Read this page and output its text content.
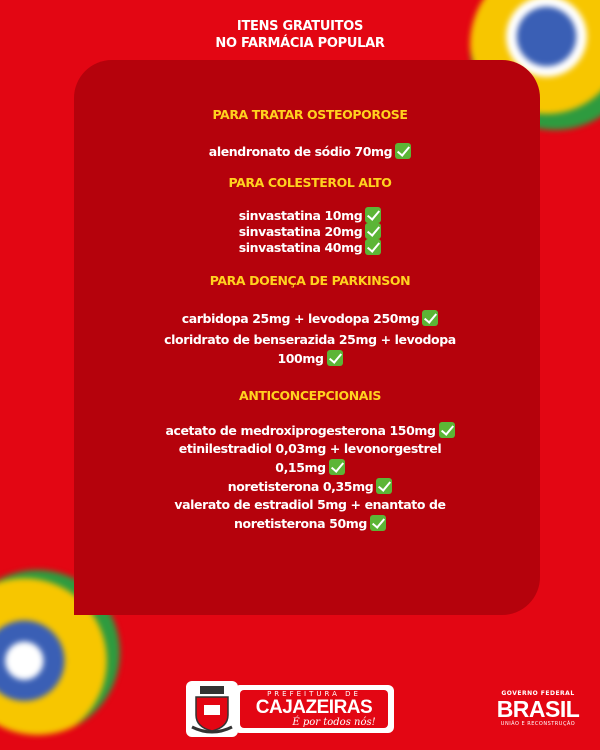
ITENS GRATUITOS
NO FARMÁCIA POPULAR
PARA TRATAR OSTEOPOROSE
alendronato de sódio 70mg
PARA COLESTEROL ALTO
sinvastatina 10mg
sinvastatina 20mg
sinvastatina 40mg
PARA DOENÇA DE PARKINSON
carbidopa 25mg + levodopa 250mg
cloridrato de benserazida 25mg + levodopa
100mg
ANTICONCEPCIONAIS
acetato de medroxiprogesterona 150mg
etinilestradiol 0,03mg + levonorgestrel
0,15mg
noretisterona 0,35mg
valerato de estradiol 5mg + enantato de
noretisterona 50mg
PREFEITURA DE
CAJAZEIRAS
É por todos nós!
GOVERNO FEDERAL
BRASIL
UNIÃO E RECONSTRUÇÃO
